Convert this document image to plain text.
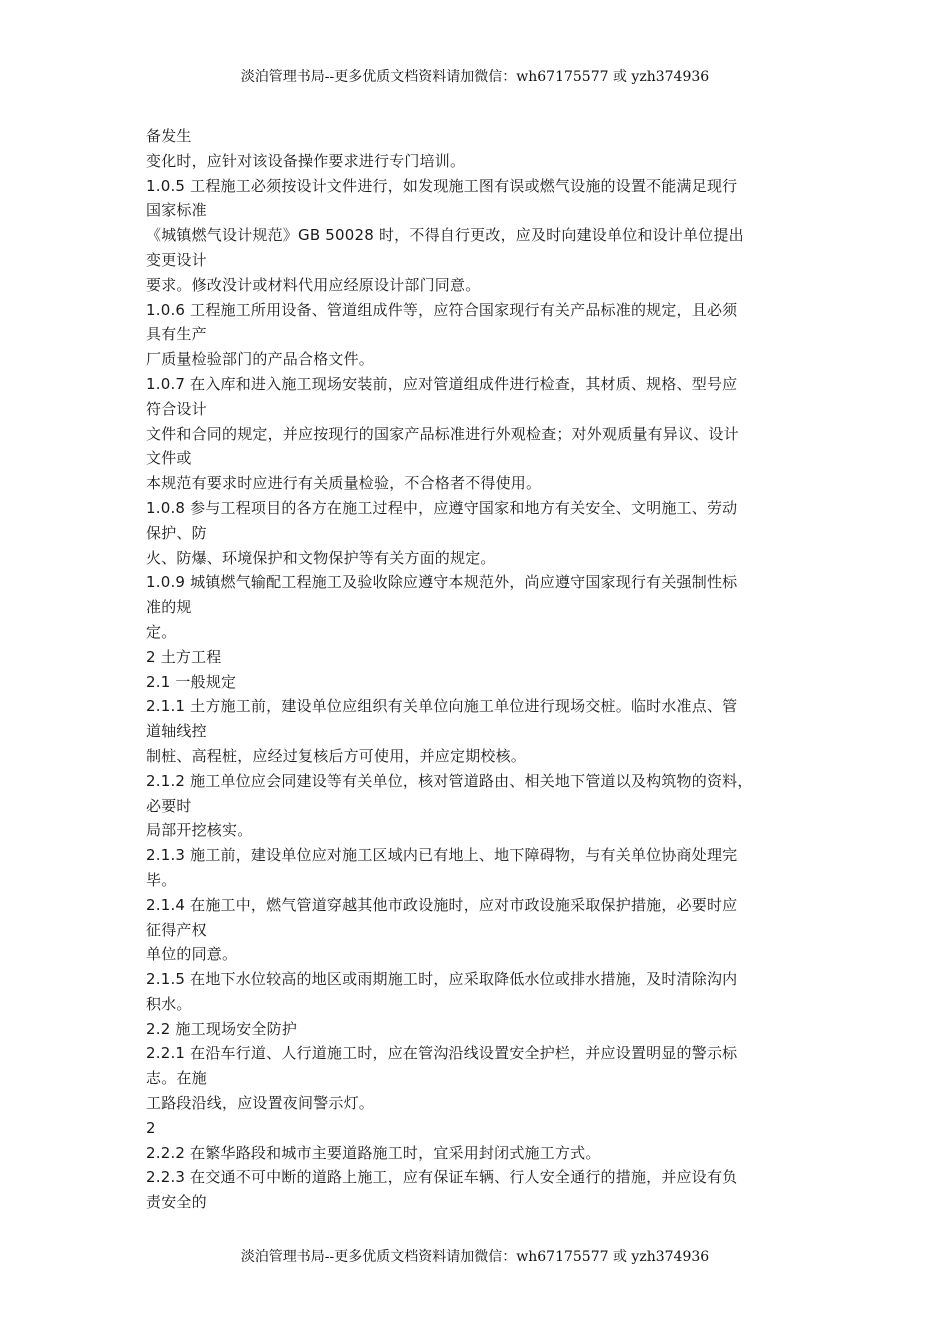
淡泊管理书局--更多优质文档资料请加微信：wh67175577 或 yzh374936
备发生
变化时，应针对该设备操作要求进行专门培训。
1.0.5 工程施工必须按设计文件进行，如发现施工图有误或燃气设施的设置不能满足现行
国家标准
《城镇燃气设计规范》GB 50028 时，不得自行更改，应及时向建设单位和设计单位提出
变更设计
要求。修改没计或材料代用应经原设计部门同意。
1.0.6 工程施工所用设备、管道组成件等，应符合国家现行有关产品标准的规定，且必须
具有生产
厂质量检验部门的产品合格文件。
1.0.7 在入库和进入施工现场安装前，应对管道组成件进行检查，其材质、规格、型号应
符合设计
文件和合同的规定，并应按现行的国家产品标准进行外观检查；对外观质量有异议、设计
文件或
本规范有要求时应进行有关质量检验，不合格者不得使用。
1.0.8 参与工程项目的各方在施工过程中，应遵守国家和地方有关安全、文明施工、劳动
保护、防
火、防爆、环境保护和文物保护等有关方面的规定。
1.0.9 城镇燃气输配工程施工及验收除应遵守本规范外，尚应遵守国家现行有关强制性标
准的规
定。
2 土方工程
2.1 一般规定
2.1.1 土方施工前，建设单位应组织有关单位向施工单位进行现场交桩。临时水准点、管
道轴线控
制桩、高程桩，应经过复核后方可使用，并应定期校核。
2.1.2 施工单位应会同建设等有关单位，核对管道路由、相关地下管道以及构筑物的资料，
必要时
局部开挖核实。
2.1.3 施工前，建设单位应对施工区域内已有地上、地下障碍物，与有关单位协商处理完
毕。
2.1.4 在施工中，燃气管道穿越其他市政设施时，应对市政设施采取保护措施，必要时应
征得产权
单位的同意。
2.1.5 在地下水位较高的地区或雨期施工时，应采取降低水位或排水措施，及时清除沟内
积水。
2.2 施工现场安全防护
2.2.1 在沿车行道、人行道施工时，应在管沟沿线设置安全护栏，并应设置明显的警示标
志。在施
工路段沿线，应设置夜间警示灯。
2
2.2.2 在繁华路段和城市主要道路施工时，宜采用封闭式施工方式。
2.2.3 在交通不可中断的道路上施工，应有保证车辆、行人安全通行的措施，并应设有负
责安全的
淡泊管理书局--更多优质文档资料请加微信：wh67175577 或 yzh374936
